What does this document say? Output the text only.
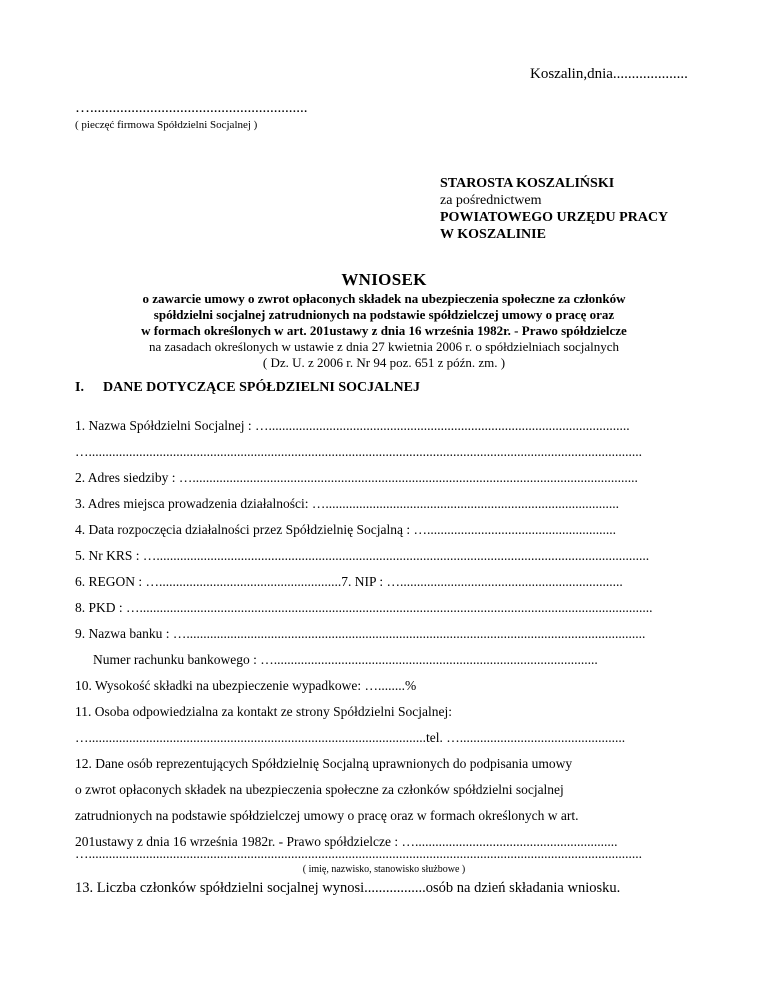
Koszalin,dnia....................
…..........................................................
( pieczęć firmowa Spółdzielni Socjalnej )
STAROSTA KOSZALIŃSKI
za pośrednictwem
POWIATOWEGO URZĘDU PRACY
W KOSZALINIE
WNIOSEK
o zawarcie umowy o zwrot opłaconych składek na ubezpieczenia społeczne za członków
spółdzielni socjalnej zatrudnionych na podstawie spółdzielczej umowy o pracę oraz
w formach określonych w art. 201ustawy z dnia 16 września 1982r. - Prawo spółdzielcze
na zasadach określonych w ustawie z dnia 27 kwietnia 2006 r. o spółdzielniach socjalnych
( Dz. U. z 2006 r. Nr 94 poz. 651 z późn. zm. )
I. DANE DOTYCZĄCE SPÓŁDZIELNI SOCJALNEJ
1. Nazwa Spółdzielni Socjalnej : …...........................................................................................................
…....................................................................................................................................................................
2. Adres siedziby : …....................................................................................................................................
3. Adres miejsca prowadzenia działalności: ….......................................................................................
4. Data rozpoczęcia działalności przez Spółdzielnię Socjalną : …........................................................
5. Nr KRS : …..................................................................................................................................................
6. REGON : …......................................................7. NIP : …..................................................................
8. PKD : …........................................................................................................................................................
9. Nazwa banku : …........................................................................................................................................
Numer rachunku bankowego : …................................................................................................
10. Wysokość składki na ubezpieczenie wypadkowe: …........%
11. Osoba odpowiedzialna za kontakt ze strony Spółdzielni Socjalnej:
…....................................................................................................tel. ….................................................
12. Dane osób reprezentujących Spółdzielnię Socjalną uprawnionych do podpisania umowy
o zwrot opłaconych składek na ubezpieczenia społeczne za członków spółdzielni socjalnej
zatrudnionych na podstawie spółdzielczej umowy o pracę oraz w formach określonych w art.
201ustawy z dnia 16 września 1982r. - Prawo spółdzielcze : …............................................................
…....................................................................................................................................................................
( imię, nazwisko, stanowisko służbowe )
13. Liczba członków spółdzielni socjalnej wynosi.................osób na dzień składania wniosku.
